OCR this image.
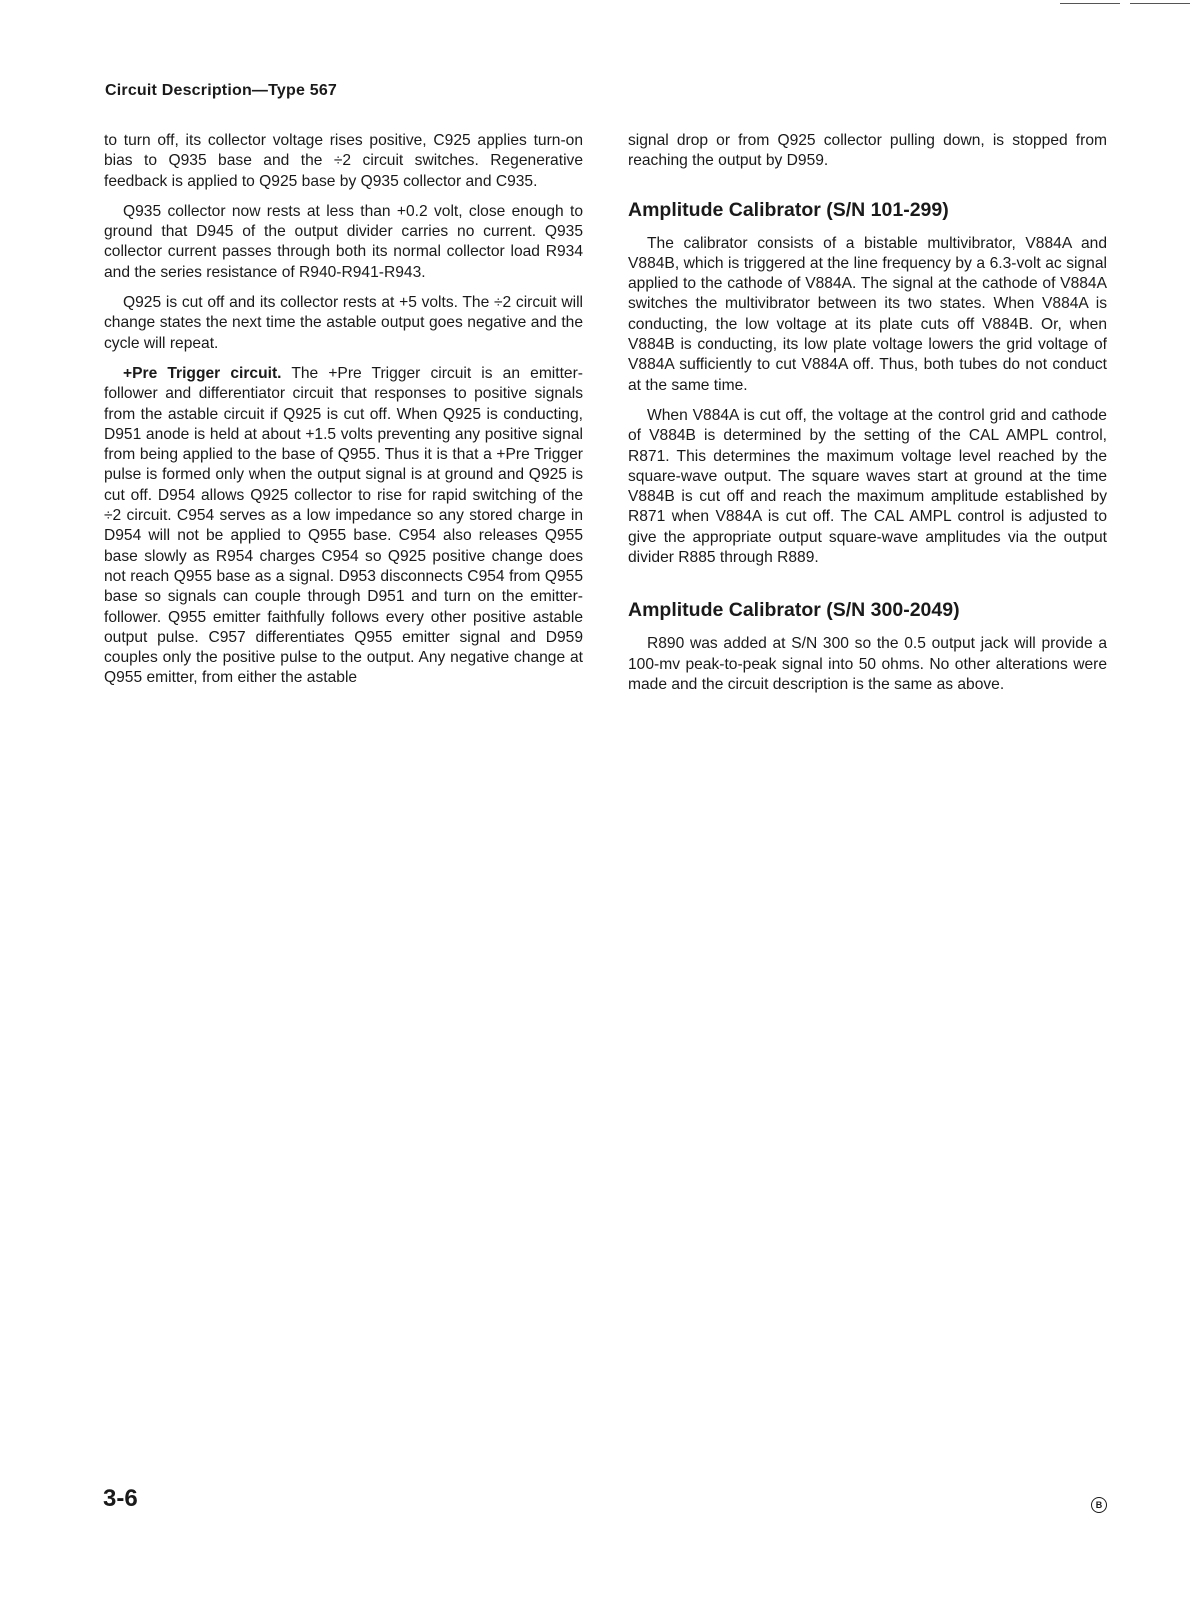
Circuit Description—Type 567

to turn off, its collector voltage rises positive, C925 applies turn-on bias to Q935 base and the ÷2 circuit switches. Regenerative feedback is applied to Q925 base by Q935 collector and C935.

Q935 collector now rests at less than +0.2 volt, close enough to ground that D945 of the output divider carries no current. Q935 collector current passes through both its normal collector load R934 and the series resistance of R940-R941-R943.

Q925 is cut off and its collector rests at +5 volts. The ÷2 circuit will change states the next time the astable output goes negative and the cycle will repeat.

+Pre Trigger circuit. The +Pre Trigger circuit is an emitter-follower and differentiator circuit that responses to positive signals from the astable circuit if Q925 is cut off. When Q925 is conducting, D951 anode is held at about +1.5 volts preventing any positive signal from being applied to the base of Q955. Thus it is that a +Pre Trigger pulse is formed only when the output signal is at ground and Q925 is cut off. D954 allows Q925 collector to rise for rapid switching of the ÷2 circuit. C954 serves as a low impedance so any stored charge in D954 will not be applied to Q955 base. C954 also releases Q955 base slowly as R954 charges C954 so Q925 positive change does not reach Q955 base as a signal. D953 disconnects C954 from Q955 base so signals can couple through D951 and turn on the emitter-follower. Q955 emitter faithfully follows every other positive astable output pulse. C957 differentiates Q955 emitter signal and D959 couples only the positive pulse to the output. Any negative change at Q955 emitter, from either the astable

signal drop or from Q925 collector pulling down, is stopped from reaching the output by D959.

Amplitude Calibrator (S/N 101-299)

The calibrator consists of a bistable multivibrator, V884A and V884B, which is triggered at the line frequency by a 6.3-volt ac signal applied to the cathode of V884A. The signal at the cathode of V884A switches the multivibrator between its two states. When V884A is conducting, the low voltage at its plate cuts off V884B. Or, when V884B is conducting, its low plate voltage lowers the grid voltage of V884A sufficiently to cut V884A off. Thus, both tubes do not conduct at the same time.

When V884A is cut off, the voltage at the control grid and cathode of V884B is determined by the setting of the CAL AMPL control, R871. This determines the maximum voltage level reached by the square-wave output. The square waves start at ground at the time V884B is cut off and reach the maximum amplitude established by R871 when V884A is cut off. The CAL AMPL control is adjusted to give the appropriate output square-wave amplitudes via the output divider R885 through R889.

Amplitude Calibrator (S/N 300-2049)

R890 was added at S/N 300 so the 0.5 output jack will provide a 100-mv peak-to-peak signal into 50 ohms. No other alterations were made and the circuit description is the same as above.

3-6	B
